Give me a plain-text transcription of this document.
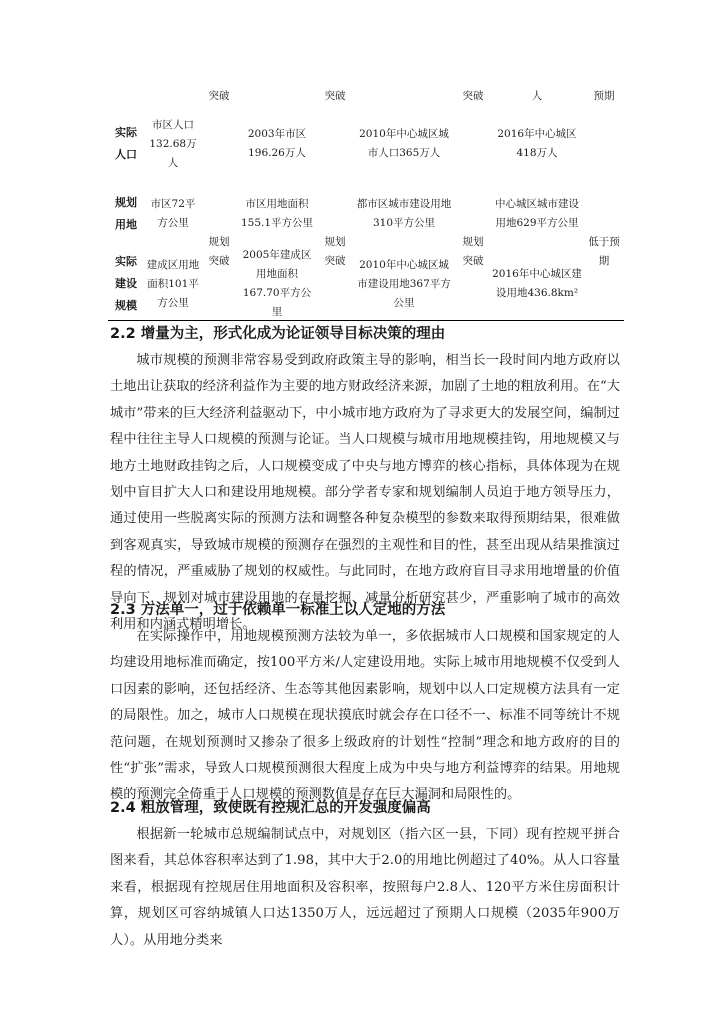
		突破		突破		突破	人	预期
实际人口	市区人口132.68万人		2003年市区196.26万人		2010年中心城区城市人口365万人		2016年中心城区418万人	
规划用地	市区72平方公里	规划突破	市区用地面积155.1平方公里	规划突破	都市区城市建设用地310平方公里	规划突破	中心城区城市建设用地629平方公里	低于预期
实际建设规模	建成区用地面积101平方公里		2005年建成区用地面积167.70平方公里		2010年中心城区城市建设用地367平方公里		2016年中心城区建设用地436.8km²	
2.2 增量为主，形式化成为论证领导目标决策的理由

城市规模的预测非常容易受到政府政策主导的影响，相当长一段时间内地方政府以土地出让获取的经济利益作为主要的地方财政经济来源，加剧了土地的粗放利用。在“大城市”带来的巨大经济利益驱动下，中小城市地方政府为了寻求更大的发展空间，编制过程中往往主导人口规模的预测与论证。当人口规模与城市用地规模挂钩，用地规模又与地方土地财政挂钩之后，人口规模变成了中央与地方博弈的核心指标，具体体现为在规划中盲目扩大人口和建设用地规模。部分学者专家和规划编制人员迫于地方领导压力，通过使用一些脱离实际的预测方法和调整各种复杂模型的参数来取得预期结果，很难做到客观真实，导致城市规模的预测存在强烈的主观性和目的性，甚至出现从结果推演过程的情况，严重威胁了规划的权威性。与此同时，在地方政府盲目寻求用地增量的价值导向下，规划对城市建设用地的存量挖掘、减量分析研究甚少，严重影响了城市的高效利用和内涵式精明增长。

2.3 方法单一，过于依赖单一标准上以人定地的方法

在实际操作中，用地规模预测方法较为单一，多依据城市人口规模和国家规定的人均建设用地标准而确定，按100平方米/人定建设用地。实际上城市用地规模不仅受到人口因素的影响，还包括经济、生态等其他因素影响，规划中以人口定规模方法具有一定的局限性。加之，城市人口规模在现状摸底时就会存在口径不一、标准不同等统计不规范问题，在规划预测时又掺杂了很多上级政府的计划性“控制”理念和地方政府的目的性“扩张”需求，导致人口规模预测很大程度上成为中央与地方利益博弈的结果。用地规模的预测完全倚重于人口规模的预测数值是存在巨大漏洞和局限性的。

2.4 粗放管理，致使既有控规汇总的开发强度偏高

根据新一轮城市总规编制试点中，对规划区（指六区一县，下同）现有控规平拼合图来看，其总体容积率达到了1.98，其中大于2.0的用地比例超过了40%。从人口容量来看，根据现有控规居住用地面积及容积率，按照每户2.8人、120平方米住房面积计算，规划区可容纳城镇人口达1350万人，远远超过了预期人口规模（2035年900万人）。从用地分类来
